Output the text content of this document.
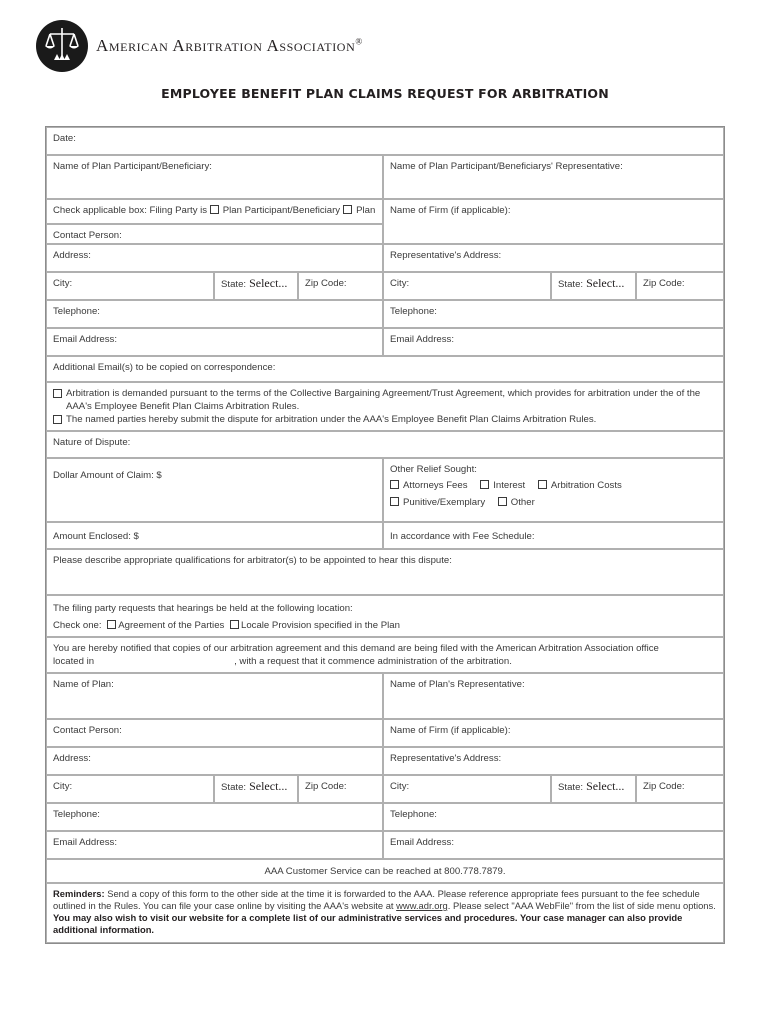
American Arbitration Association®
EMPLOYEE BENEFIT PLAN CLAIMS REQUEST FOR ARBITRATION
Date:
Name of Plan Participant/Beneficiary:	Name of Plan Participant/Beneficiarys' Representative:
Check applicable box: Filing Party is Plan Participant/Beneficiary Plan	Name of Firm (if applicable):
Contact Person:
Address:	Representative's Address:
City:	State: Select...	Zip Code:	City:	State: Select...	Zip Code:
Telephone:	Telephone:
Email Address:	Email Address:
Additional Email(s) to be copied on correspondence:
Arbitration is demanded pursuant to the terms of the Collective Bargaining Agreement/Trust Agreement, which provides for arbitration under the of the AAA's Employee Benefit Plan Claims Arbitration Rules.
The named parties hereby submit the dispute for arbitration under the AAA's Employee Benefit Plan Claims Arbitration Rules.
Nature of Dispute:
Dollar Amount of Claim: $
Other Relief Sought:
Attorneys Fees	Interest	Arbitration Costs
Punitive/Exemplary	Other
Amount Enclosed: $	In accordance with Fee Schedule:
Please describe appropriate qualifications for arbitrator(s) to be appointed to hear this dispute:
The filing party requests that hearings be held at the following location:
Check one: Agreement of the Parties Locale Provision specified in the Plan
You are hereby notified that copies of our arbitration agreement and this demand are being filed with the American Arbitration Association office
located in	, with a request that it commence administration of the arbitration.
Name of Plan:	Name of Plan's Representative:
Contact Person:	Name of Firm (if applicable):
Address:	Representative's Address:
City:	State: Select...	Zip Code:	City:	State: Select...	Zip Code:
Telephone:	Telephone:
Email Address:	Email Address:
AAA Customer Service can be reached at 800.778.7879.
Reminders: Send a copy of this form to the other side at the time it is forwarded to the AAA. Please reference appropriate fees pursuant to the fee schedule outlined in the Rules. You can file your case online by visiting the AAA's website at www.adr.org. Please select "AAA WebFile" from the list of side menu options. You may also wish to visit our website for a complete list of our administrative services and procedures. Your case manager can also provide additional information.
